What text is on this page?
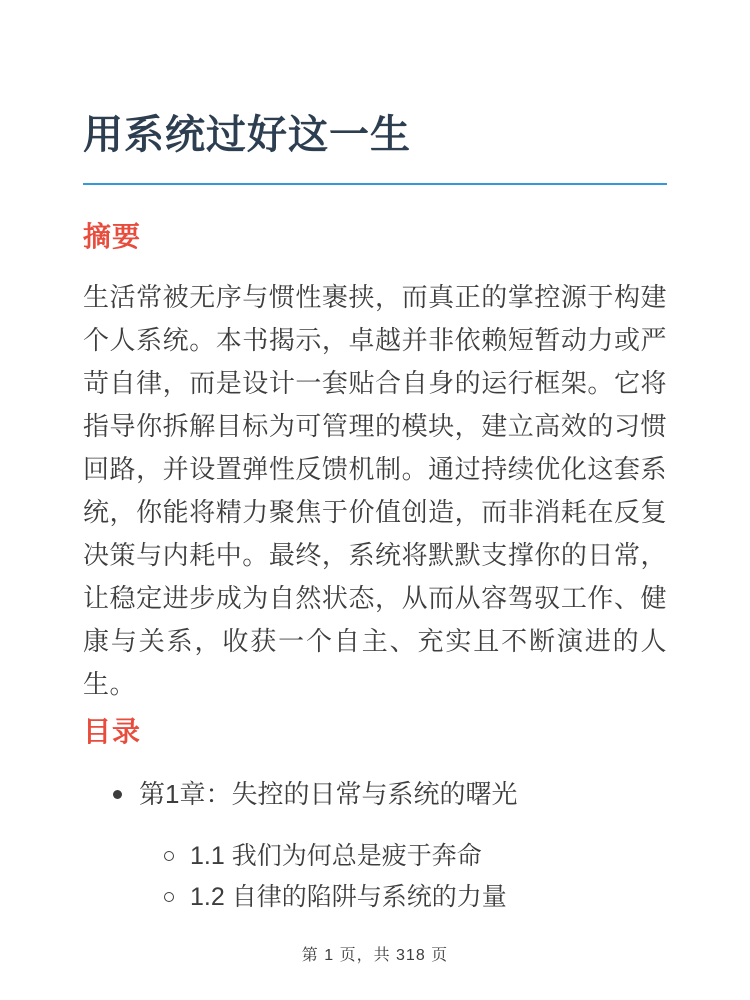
用系统过好这一生
摘要

生活常被无序与惯性裹挟，而真正的掌控源于构建个人系统。本书揭示，卓越并非依赖短暂动力或严苛自律，而是设计一套贴合自身的运行框架。它将指导你拆解目标为可管理的模块，建立高效的习惯回路，并设置弹性反馈机制。通过持续优化这套系统，你能将精力聚焦于价值创造，而非消耗在反复决策与内耗中。最终，系统将默默支撑你的日常，让稳定进步成为自然状态，从而从容驾驭工作、健康与关系，收获一个自主、充实且不断演进的人生。

目录
第1章：失控的日常与系统的曙光
1.1 我们为何总是疲于奔命
1.2 自律的陷阱与系统的力量
第 1 页，共 318 页
